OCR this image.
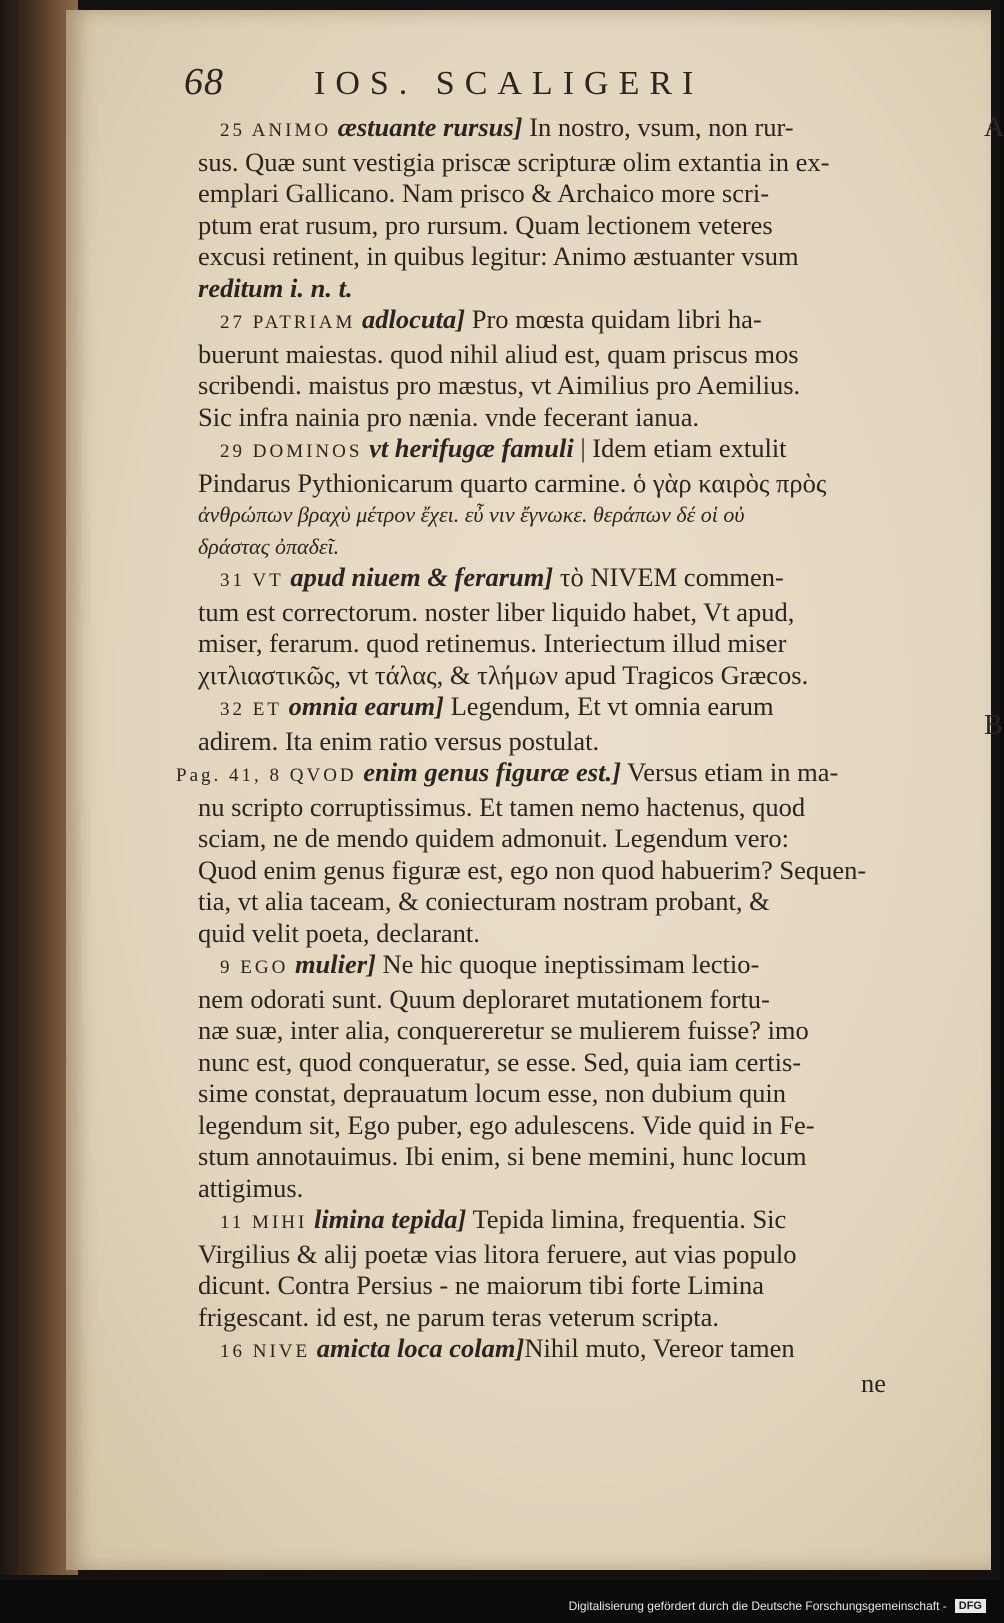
68	IOS. SCALIGERI
A
B
25 ANIMO æstuante rursus] In nostro, vsum, non rur-
sus. Quæ sunt vestigia priscæ scripturæ olim extantia in ex-
emplari Gallicano. Nam prisco & Archaico more scri-
ptum erat rusum, pro rursum. Quam lectionem veteres
excusi retinent, in quibus legitur: Animo æstuanter vsum
reditum i. n. t.
27 PATRIAM adlocuta] Pro mœsta quidam libri ha-
buerunt maiestas. quod nihil aliud est, quam priscus mos
scribendi. maistus pro mæstus, vt Aimilius pro Aemilius.
Sic infra nainia pro nænia. vnde fecerant ianua.
29 DOMINOS vt herifugæ famuli | Idem etiam extulit
Pindarus Pythionicarum quarto carmine. ὁ γὰρ καιρὸς πρὸς
ἀνθρώπων βραχὺ μέτρον ἔχει. εὖ νιν ἔγνωκε. θεράπων δέ οἱ οὐ
δράστας ὀπαδεῖ.
31 VT apud niuem & ferarum] τὸ NIVEM commen-
tum est correctorum. noster liber liquido habet, Vt apud,
miser, ferarum. quod retinemus. Interiectum illud miser
χιτλιαστικῶς, vt τάλας, & τλήμων apud Tragicos Græcos.
32 ET omnia earum] Legendum, Et vt omnia earum
adirem. Ita enim ratio versus postulat.
Pag. 41, 8 QVOD enim genus figuræ est.] Versus etiam in ma-
nu scripto corruptissimus. Et tamen nemo hactenus, quod
sciam, ne de mendo quidem admonuit. Legendum vero:
Quod enim genus figuræ est, ego non quod habuerim? Sequen-
tia, vt alia taceam, & coniecturam nostram probant, &
quid velit poeta, declarant.
9 EGO mulier] Ne hic quoque ineptissimam lectio-
nem odorati sunt. Quum deploraret mutationem fortu-
næ suæ, inter alia, conquereretur se mulierem fuisse? imo
nunc est, quod conqueratur, se esse. Sed, quia iam certis-
sime constat, deprauatum locum esse, non dubium quin
legendum sit, Ego puber, ego adulescens. Vide quid in Fe-
stum annotauimus. Ibi enim, si bene memini, hunc locum
attigimus.
11 MIHI limina tepida] Tepida limina, frequentia. Sic
Virgilius & alij poetæ vias litora feruere, aut vias populo
dicunt. Contra Persius - ne maiorum tibi forte Limina
frigescant. id est, ne parum teras veterum scripta.
16 NIVE amicta loca colam]Nihil muto, Vereor tamen
ne
Digitalisierung gefördert durch die Deutsche Forschungsgemeinschaft -	DFG
